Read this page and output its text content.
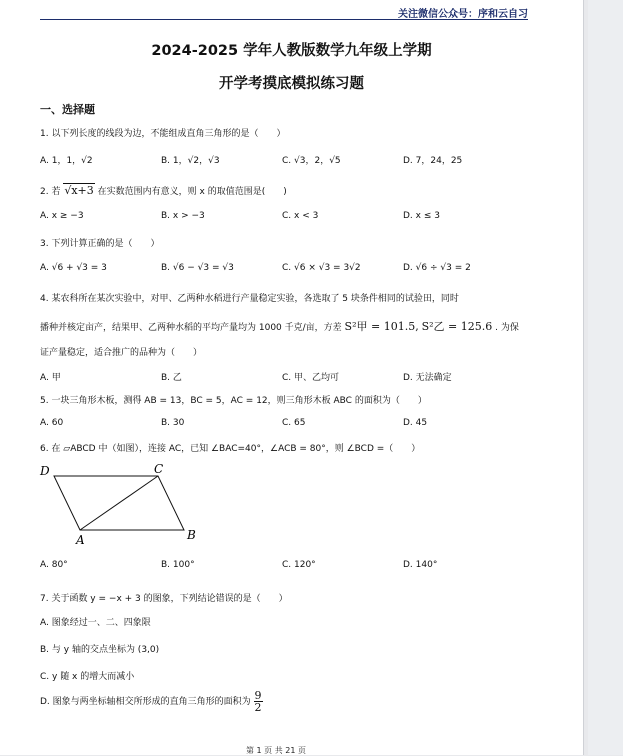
关注微信公众号：序和云自习
2024-2025 学年人教版数学九年级上学期
开学考摸底模拟练习题
一、选择题
1. 以下列长度的线段为边，不能组成直角三角形的是（　　）
A. 1，1，√2	B. 1，√2，√3	C. √3，2，√5	D. 7，24，25
2. 若 √x+3 在实数范围内有意义，则 x 的取值范围是(　　)
A. x ≥ −3	B. x > −3	C. x < 3	D. x ≤ 3
3. 下列计算正确的是（　　）
A. √6 + √3 = 3	B. √6 − √3 = √3	C. √6 × √3 = 3√2	D. √6 ÷ √3 = 2
4. 某农科所在某次实验中，对甲、乙两种水稻进行产量稳定实验，各选取了 5 块条件相同的试验田，同时
播种并核定亩产，结果甲、乙两种水稻的平均产量均为 1000 千克/亩，方差 S²甲 = 101.5, S²乙 = 125.6 . 为保
证产量稳定，适合推广的品种为（　　）
A. 甲	B. 乙	C. 甲、乙均可	D. 无法确定
5. 一块三角形木板，测得 AB = 13，BC = 5，AC = 12，则三角形木板 ABC 的面积为（　　）
A. 60	B. 30	C. 65	D. 45
6. 在 ▱ABCD 中（如图），连接 AC，已知 ∠BAC=40°，∠ACB = 80°，则 ∠BCD =（　　）
D	C
A	B
A. 80°	B. 100°	C. 120°	D. 140°
7. 关于函数 y = −x + 3 的图象，下列结论错误的是（　　）
A. 图象经过一、二、四象限
B. 与 y 轴的交点坐标为 (3,0)
C. y 随 x 的增大而减小
D. 图象与两坐标轴相交所形成的直角三角形的面积为 $\frac{9}{2}$
第 1 页 共 21 页
